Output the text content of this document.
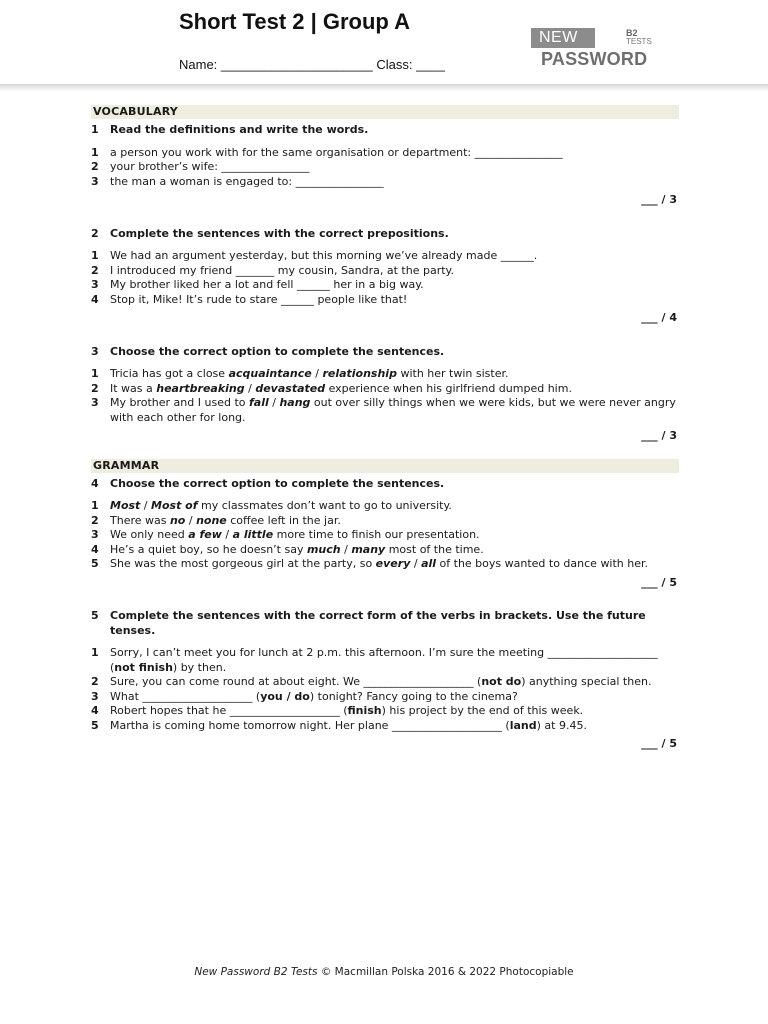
Short Test 2 | Group A
Name: _____________________ Class: ____
NEW	B2
TESTS
PASSWORD
VOCABULARY
1	Read the definitions and write the words.
1	a person you work with for the same organisation or department: ________________
2	your brother’s wife: ________________
3	the man a woman is engaged to: ________________
___ / 3
2	Complete the sentences with the correct prepositions.
1	We had an argument yesterday, but this morning we’ve already made ______.
2	I introduced my friend _______ my cousin, Sandra, at the party.
3	My brother liked her a lot and fell ______ her in a big way.
4	Stop it, Mike! It’s rude to stare ______ people like that!
___ / 4
3	Choose the correct option to complete the sentences.
1	Tricia has got a close acquaintance / relationship with her twin sister.
2	It was a heartbreaking / devastated experience when his girlfriend dumped him.
3	My brother and I used to fall / hang out over silly things when we were kids, but we were never angry with each other for long.
___ / 3
GRAMMAR
4	Choose the correct option to complete the sentences.
1	Most / Most of my classmates don’t want to go to university.
2	There was no / none coffee left in the jar.
3	We only need a few / a little more time to finish our presentation.
4	He’s a quiet boy, so he doesn’t say much / many most of the time.
5	She was the most gorgeous girl at the party, so every / all of the boys wanted to dance with her.
___ / 5
5	Complete the sentences with the correct form of the verbs in brackets. Use the future tenses.
1	Sorry, I can’t meet you for lunch at 2 p.m. this afternoon. I’m sure the meeting ____________________ (not finish) by then.
2	Sure, you can come round at about eight. We ____________________ (not do) anything special then.
3	What ____________________ (you / do) tonight? Fancy going to the cinema?
4	Robert hopes that he ____________________ (finish) his project by the end of this week.
5	Martha is coming home tomorrow night. Her plane ____________________ (land) at 9.45.
___ / 5
New Password B2 Tests © Macmillan Polska 2016 & 2022 Photocopiable
